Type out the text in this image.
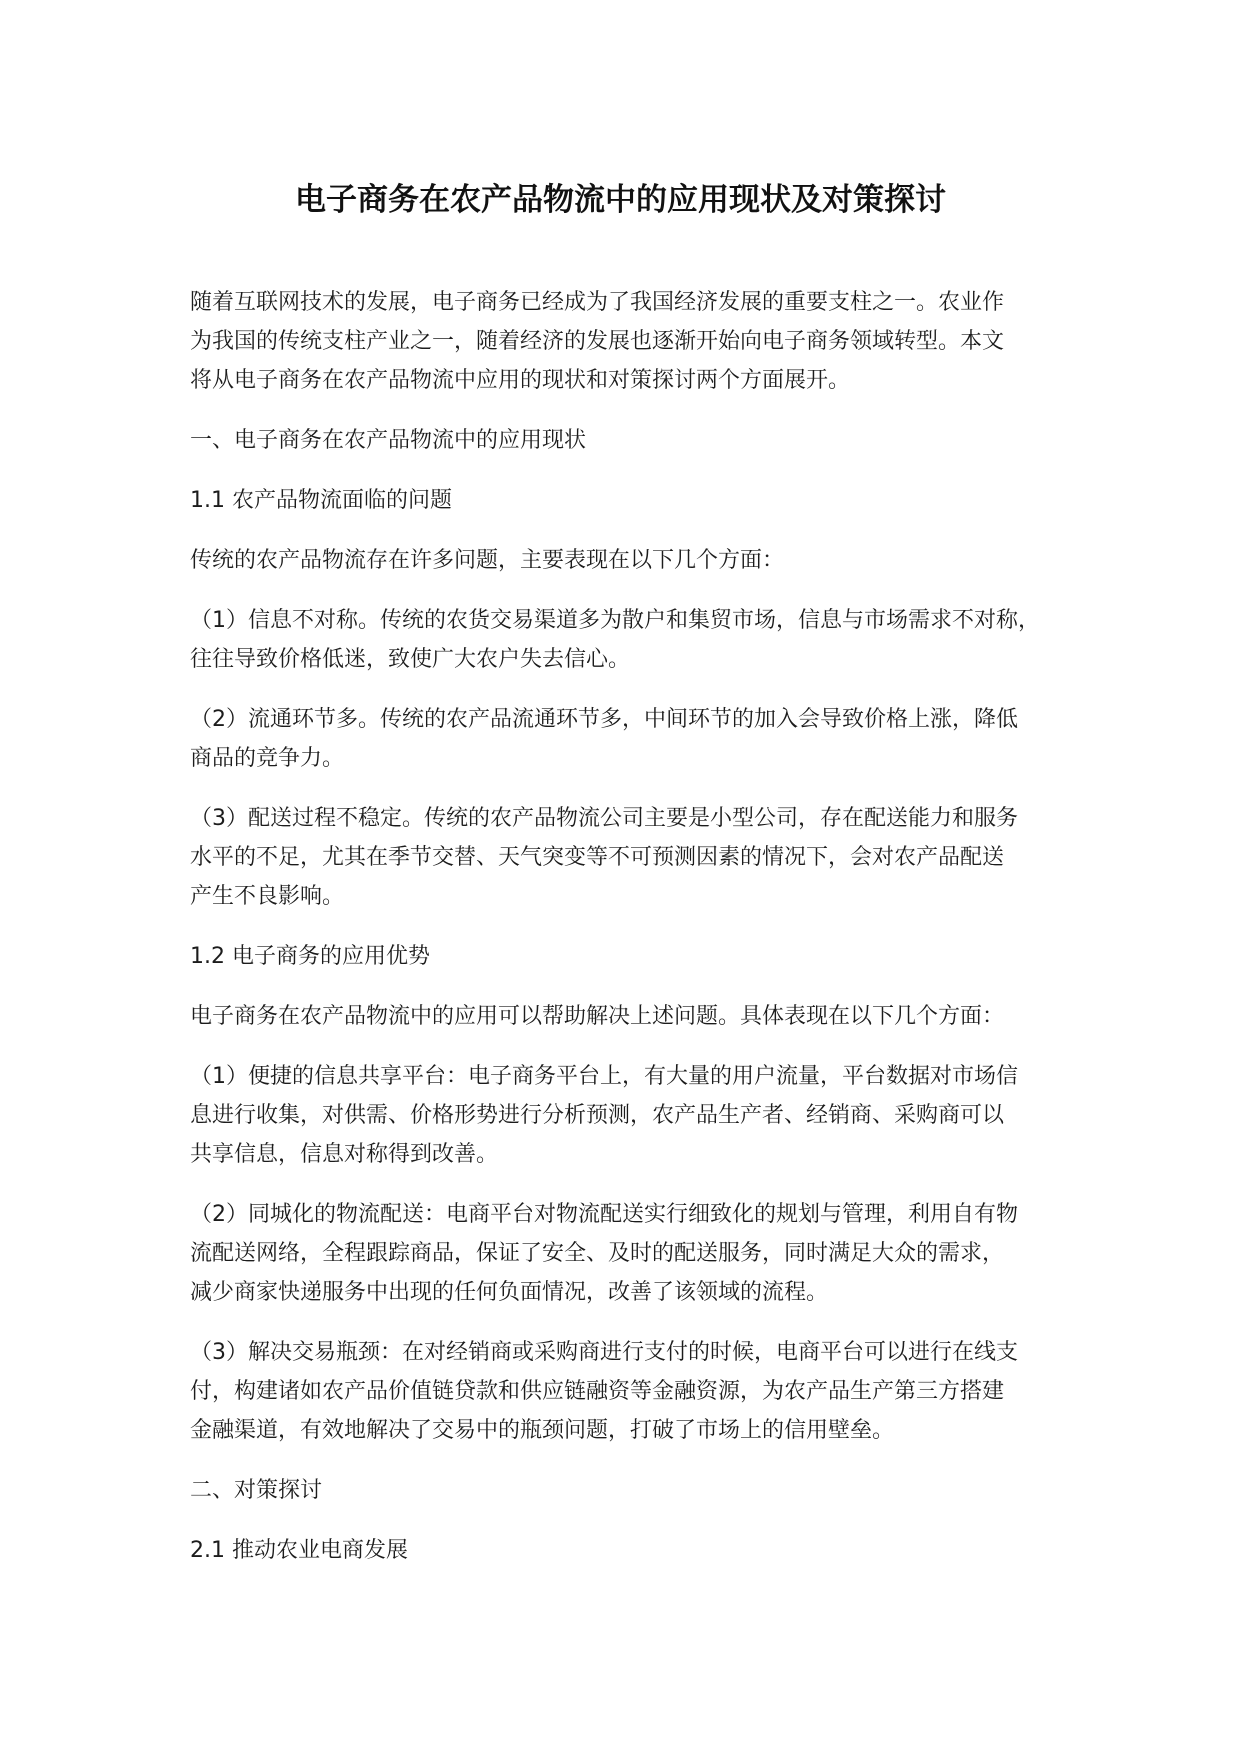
电子商务在农产品物流中的应用现状及对策探讨
随着互联网技术的发展，电子商务已经成为了我国经济发展的重要支柱之一。农业作
为我国的传统支柱产业之一，随着经济的发展也逐渐开始向电子商务领域转型。本文
将从电子商务在农产品物流中应用的现状和对策探讨两个方面展开。
一、电子商务在农产品物流中的应用现状
1.1 农产品物流面临的问题
传统的农产品物流存在许多问题，主要表现在以下几个方面：
（1）信息不对称。传统的农货交易渠道多为散户和集贸市场，信息与市场需求不对称，
往往导致价格低迷，致使广大农户失去信心。
（2）流通环节多。传统的农产品流通环节多，中间环节的加入会导致价格上涨，降低
商品的竞争力。
（3）配送过程不稳定。传统的农产品物流公司主要是小型公司，存在配送能力和服务
水平的不足，尤其在季节交替、天气突变等不可预测因素的情况下，会对农产品配送
产生不良影响。
1.2 电子商务的应用优势
电子商务在农产品物流中的应用可以帮助解决上述问题。具体表现在以下几个方面：
（1）便捷的信息共享平台：电子商务平台上，有大量的用户流量，平台数据对市场信
息进行收集，对供需、价格形势进行分析预测，农产品生产者、经销商、采购商可以
共享信息，信息对称得到改善。
（2）同城化的物流配送：电商平台对物流配送实行细致化的规划与管理，利用自有物
流配送网络，全程跟踪商品，保证了安全、及时的配送服务，同时满足大众的需求，
减少商家快递服务中出现的任何负面情况，改善了该领域的流程。
（3）解决交易瓶颈：在对经销商或采购商进行支付的时候，电商平台可以进行在线支
付，构建诸如农产品价值链贷款和供应链融资等金融资源，为农产品生产第三方搭建
金融渠道，有效地解决了交易中的瓶颈问题，打破了市场上的信用壁垒。
二、对策探讨
2.1 推动农业电商发展
